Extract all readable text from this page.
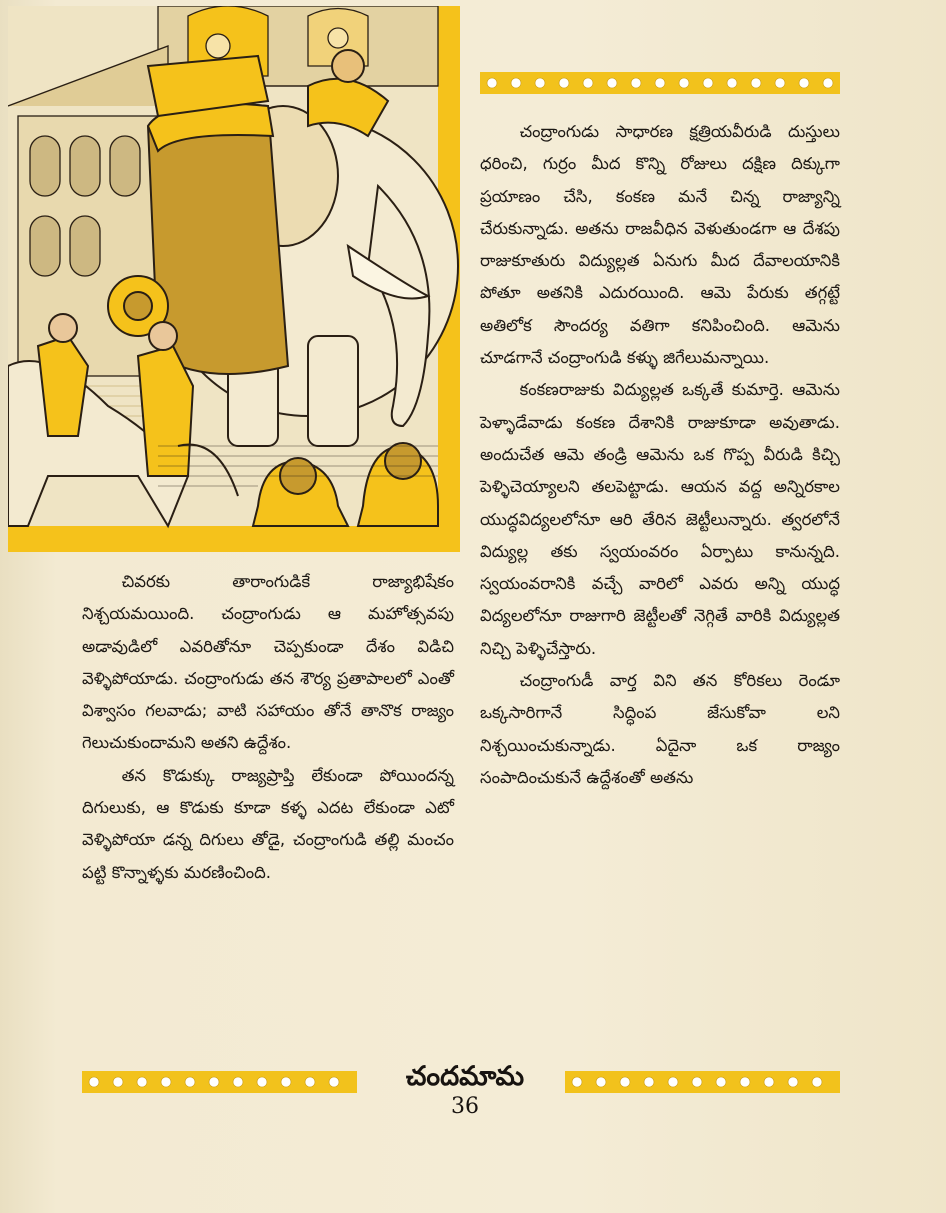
చంద్రాంగుడు సాధారణ క్షత్రియవీరుడి దుస్తులు ధరించి, గుర్రం మీద కొన్ని రోజులు దక్షిణ దిక్కుగా ప్రయాణం చేసి, కంకణ మనే చిన్న రాజ్యాన్ని చేరుకున్నాడు. అతను రాజవీధిన వెళుతుండగా ఆ దేశపు రాజుకూతురు విద్యుల్లత ఏనుగు మీద దేవాలయానికి పోతూ అతనికి ఎదురయింది. ఆమె పేరుకు తగ్గట్టే అతిలోక సౌందర్య వతిగా కనిపించింది. ఆమెను చూడగానే చంద్రాంగుడి కళ్ళు జిగేలుమన్నాయి.

కంకణరాజుకు విద్యుల్లత ఒక్కతే కుమార్తె. ఆమెను పెళ్ళాడేవాడు కంకణ దేశానికి రాజుకూడా అవుతాడు. అందుచేత ఆమె తండ్రి ఆమెను ఒక గొప్ప వీరుడి కిచ్చి పెళ్ళిచెయ్యాలని తలపెట్టాడు. ఆయన వద్ద అన్నిరకాల యుద్ధవిద్యలలోనూ ఆరి తేరిన జెట్టీలున్నారు. త్వరలోనే విద్యుల్ల తకు స్వయంవరం ఏర్పాటు కానున్నది. స్వయంవరానికి వచ్చే వారిలో ఎవరు అన్ని యుద్ధ విద్యలలోనూ రాజుగారి జెట్టీలతో నెగ్గితే వారికి విద్యుల్లత నిచ్చి పెళ్ళిచేస్తారు.

చంద్రాంగుడీ వార్త విని తన కోరికలు రెండూ ఒక్కసారిగానే సిద్ధింప జేసుకోవా లని నిశ్చయించుకున్నాడు. ఏదైనా ఒక రాజ్యం సంపాదించుకునే ఉద్దేశంతో అతను

చివరకు తారాంగుడికే రాజ్యాభిషేకం నిశ్చయమయింది. చంద్రాంగుడు ఆ మహోత్సవపు అడావుడిలో ఎవరితోనూ చెప్పకుండా దేశం విడిచి వెళ్ళిపోయాడు. చంద్రాంగుడు తన శౌర్య ప్రతాపాలలో ఎంతో విశ్వాసం గలవాడు; వాటి సహాయం తోనే తానొక రాజ్యం గెలుచుకుందామని అతని ఉద్దేశం.

తన కొడుక్కు రాజ్యప్రాప్తి లేకుండా పోయిందన్న దిగులుకు, ఆ కొడుకు కూడా కళ్ళ ఎదట లేకుండా ఎటో వెళ్ళిపోయా డన్న దిగులు తోడై, చంద్రాంగుడి తల్లి మంచం పట్టి కొన్నాళ్ళకు మరణించింది.

చందమామ
36
